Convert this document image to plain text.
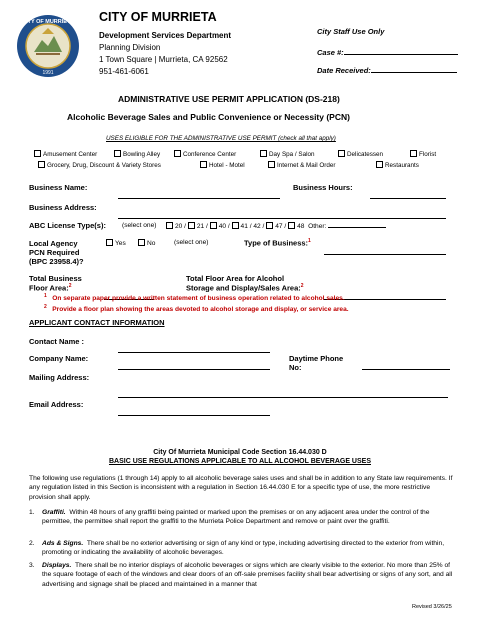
CITY OF MURRIETA
1991
CITY OF MURRIETA
Development Services Department
Planning Division
1 Town Square | Murrieta, CA 92562
951-461-6061
City Staff Use Only
Case #:
Date Received:
ADMINISTRATIVE USE PERMIT APPLICATION (DS-218)
Alcoholic Beverage Sales and Public Convenience or Necessity (PCN)
USES ELIGIBLE FOR THE ADMINISTRATIVE USE PERMIT (check all that apply)
Amusement Center	Bowling Alley	Conference Center	Day Spa / Salon	Delicatessen	Florist
Grocery, Drug, Discount & Variety Stores	Hotel - Motel	Internet & Mail Order	Restaurants
Business Name:	Business Hours:
Business Address:
ABC License Type(s): (select one)	20 / 21 / 40 / 41 / 42 / 47 / 48 Other:
Local Agency
PCN Required
(BPC 23958.4)?
Yes	No	(select one)	Type of Business:$^1$
Total Business
Floor Area:$^2$
Total Floor Area for Alcohol
Storage and Display/Sales Area:$^2$
$^1$ On separate paper provide a written statement of business operation related to alcohol sales.
$^2$ Provide a floor plan showing the areas devoted to alcohol storage and display, or service area.
APPLICANT CONTACT INFORMATION
Contact Name :
Company Name:	Daytime Phone
No:
Mailing Address:
Email Address:
City Of Murrieta Municipal Code Section 16.44.030 D
BASIC USE REGULATIONS APPLICABLE TO ALL ALCOHOL BEVERAGE USES
The following use regulations (1 through 14) apply to all alcoholic beverage sales uses and shall be in addition to any State law requirements. If any regulation listed in this Section is inconsistent with a regulation in Section 16.44.030 E for a specific type of use, the more restrictive provision shall apply.
1. Graffiti. Within 48 hours of any graffiti being painted or marked upon the premises or on any adjacent area under the control of the permittee, the permittee shall report the graffiti to the Murrieta Police Department and remove or paint over the graffiti.
2. Ads & Signs. There shall be no exterior advertising or sign of any kind or type, including advertising directed to the exterior from within, promoting or indicating the availability of alcoholic beverages.
3. Displays. There shall be no interior displays of alcoholic beverages or signs which are clearly visible to the exterior. No more than 25% of the square footage of each of the windows and clear doors of an off-sale premises facility shall bear advertising or signs of any sort, and all advertising and signage shall be placed and maintained in a manner that
Revised 3/26/25
